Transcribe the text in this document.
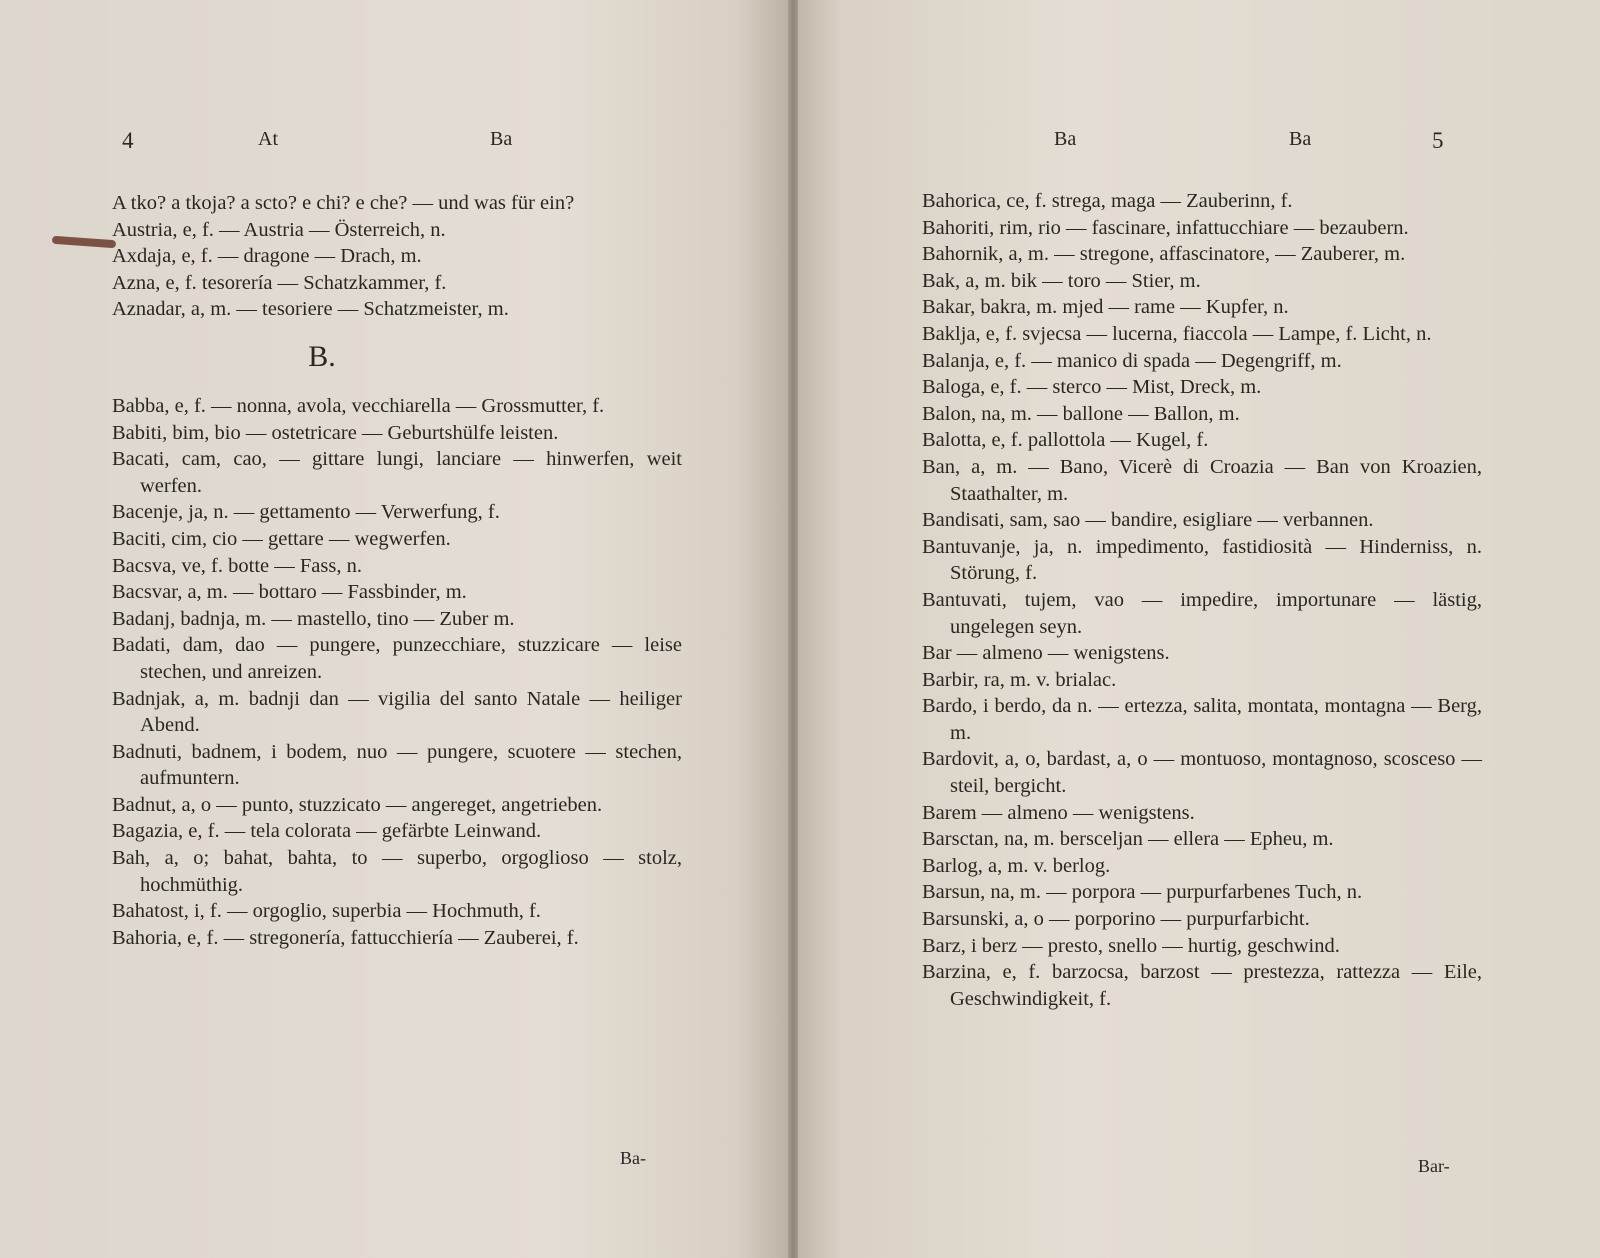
4	At	Ba
A tko? a tkoja? a scto? e chi? e che? — und was für ein?
Austria, e, f. — Austria — Österreich, n.
Axdaja, e, f. — dragone — Drach, m.
Azna, e, f. tesorería — Schatzkammer, f.
Aznadar, a, m. — tesoriere — Schatzmeister, m.
B.
Babba, e, f. — nonna, avola, vecchiarella — Grossmutter, f.
Babiti, bim, bio — ostetricare — Geburtshülfe leisten.
Bacati, cam, cao, — gittare lungi, lanciare — hinwerfen, weit werfen.
Bacenje, ja, n. — gettamento — Verwerfung, f.
Baciti, cim, cio — gettare — wegwerfen.
Bacsva, ve, f. botte — Fass, n.
Bacsvar, a, m. — bottaro — Fassbinder, m.
Badanj, badnja, m. — mastello, tino — Zuber m.
Badati, dam, dao — pungere, punzecchiare, stuzzicare — leise stechen, und anreizen.
Badnjak, a, m. badnji dan — vigilia del santo Natale — heiliger Abend.
Badnuti, badnem, i bodem, nuo — pungere, scuotere — stechen, aufmuntern.
Badnut, a, o — punto, stuzzicato — angereget, angetrieben.
Bagazia, e, f. — tela colorata — gefärbte Leinwand.
Bah, a, o; bahat, bahta, to — superbo, orgoglioso — stolz, hochmüthig.
Bahatost, i, f. — orgoglio, superbia — Hochmuth, f.
Bahoria, e, f. — stregonería, fattucchiería — Zauberei, f.
Ba-
Ba	Ba	5
Bahorica, ce, f. strega, maga — Zauberinn, f.
Bahoriti, rim, rio — fascinare, infattucchiare — bezaubern.
Bahornik, a, m. — stregone, affascinatore, — Zauberer, m.
Bak, a, m. bik — toro — Stier, m.
Bakar, bakra, m. mjed — rame — Kupfer, n.
Baklja, e, f. svjecsa — lucerna, fiaccola — Lampe, f. Licht, n.
Balanja, e, f. — manico di spada — Degengriff, m.
Baloga, e, f. — sterco — Mist, Dreck, m.
Balon, na, m. — ballone — Ballon, m.
Balotta, e, f. pallottola — Kugel, f.
Ban, a, m. — Bano, Vicerè di Croazia — Ban von Kroazien, Staathalter, m.
Bandisati, sam, sao — bandire, esigliare — verbannen.
Bantuvanje, ja, n. impedimento, fastidiosità — Hinderniss, n. Störung, f.
Bantuvati, tujem, vao — impedire, importunare — lästig, ungelegen seyn.
Bar — almeno — wenigstens.
Barbir, ra, m. v. brialac.
Bardo, i berdo, da n. — ertezza, salita, montata, montagna — Berg, m.
Bardovit, a, o, bardast, a, o — montuoso, montagnoso, scosceso — steil, bergicht.
Barem — almeno — wenigstens.
Barsctan, na, m. bersceljan — ellera — Epheu, m.
Barlog, a, m. v. berlog.
Barsun, na, m. — porpora — purpurfarbenes Tuch, n.
Barsunski, a, o — porporino — purpurfarbicht.
Barz, i berz — presto, snello — hurtig, geschwind.
Barzina, e, f. barzocsa, barzost — prestezza, rattezza — Eile, Geschwindigkeit, f.
Bar-
